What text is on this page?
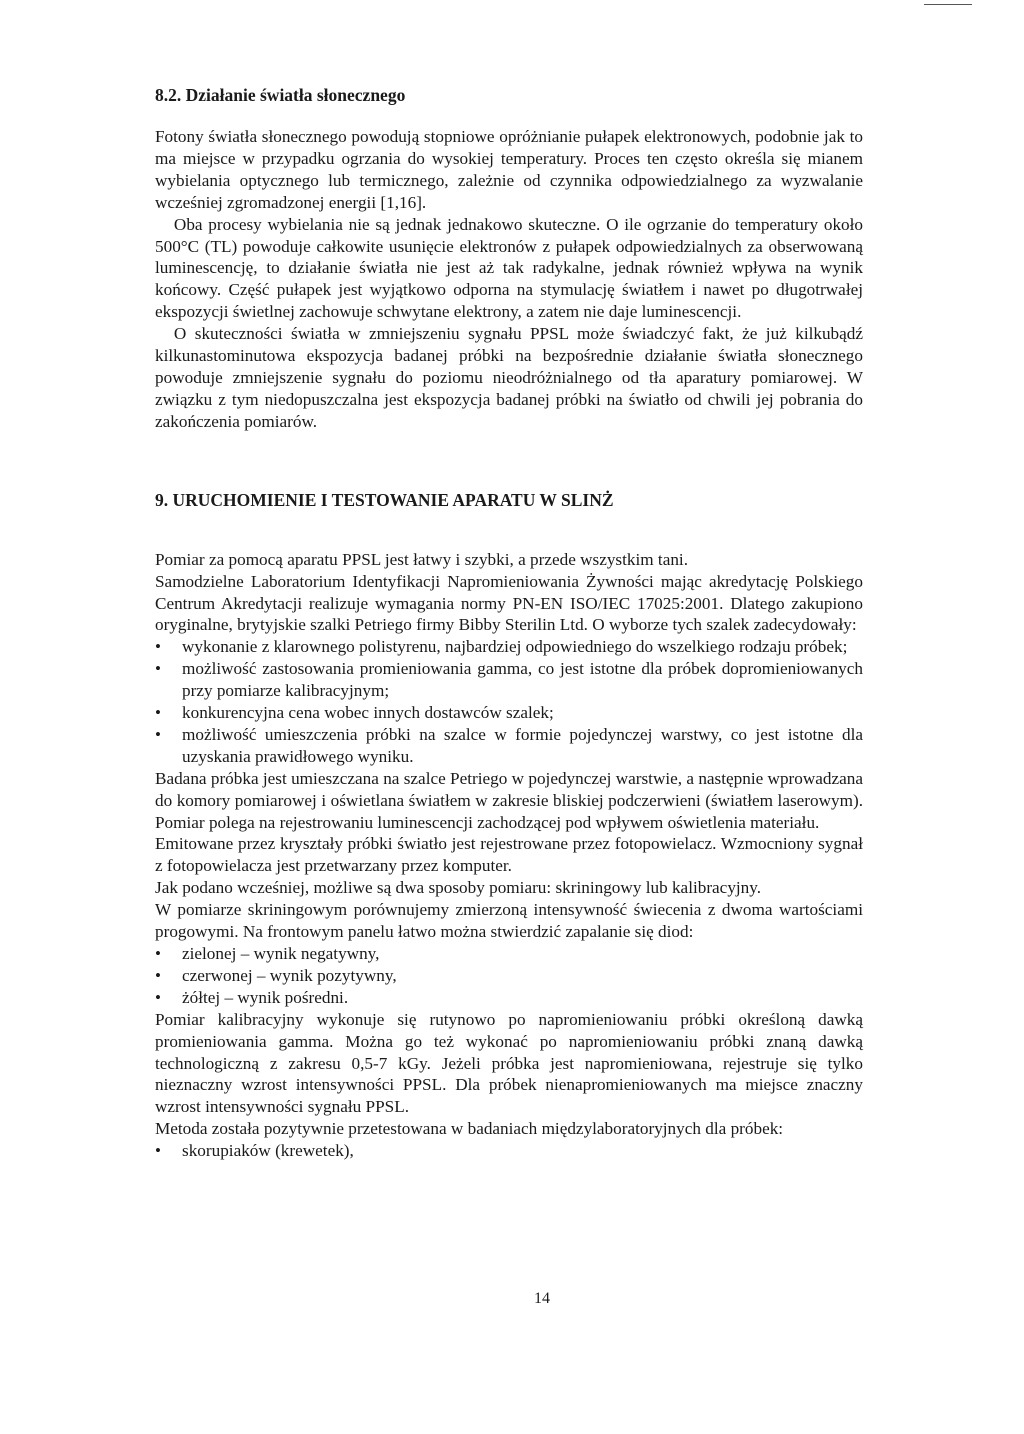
8.2. Działanie światła słonecznego

Fotony światła słonecznego powodują stopniowe opróżnianie pułapek elektronowych, podobnie jak to ma miejsce w przypadku ogrzania do wysokiej temperatury. Proces ten często określa się mianem wybielania optycznego lub termicznego, zależnie od czynnika odpowiedzialnego za wyzwalanie wcześniej zgromadzonej energii [1,16].

Oba procesy wybielania nie są jednak jednakowo skuteczne. O ile ogrzanie do temperatury około 500°C (TL) powoduje całkowite usunięcie elektronów z pułapek odpowiedzialnych za obserwowaną luminescencję, to działanie światła nie jest aż tak radykalne, jednak również wpływa na wynik końcowy. Część pułapek jest wyjątkowo odporna na stymulację światłem i nawet po długotrwałej ekspozycji świetlnej zachowuje schwytane elektrony, a zatem nie daje luminescencji.

O skuteczności światła w zmniejszeniu sygnału PPSL może świadczyć fakt, że już kilkubądź kilkunastominutowa ekspozycja badanej próbki na bezpośrednie działanie światła słonecznego powoduje zmniejszenie sygnału do poziomu nieodróżnialnego od tła aparatury pomiarowej. W związku z tym niedopuszczalna jest ekspozycja badanej próbki na światło od chwili jej pobrania do zakończenia pomiarów.

9. URUCHOMIENIE I TESTOWANIE APARATU W SLINŻ

Pomiar za pomocą aparatu PPSL jest łatwy i szybki, a przede wszystkim tani.

Samodzielne Laboratorium Identyfikacji Napromieniowania Żywności mając akredytację Polskiego Centrum Akredytacji realizuje wymagania normy PN-EN ISO/IEC 17025:2001. Dlatego zakupiono oryginalne, brytyjskie szalki Petriego firmy Bibby Sterilin Ltd. O wyborze tych szalek zadecydowały:

• wykonanie z klarownego polistyrenu, najbardziej odpowiedniego do wszelkiego rodzaju próbek;
• możliwość zastosowania promieniowania gamma, co jest istotne dla próbek dopromieniowanych przy pomiarze kalibracyjnym;
• konkurencyjna cena wobec innych dostawców szalek;
• możliwość umieszczenia próbki na szalce w formie pojedynczej warstwy, co jest istotne dla uzyskania prawidłowego wyniku.

Badana próbka jest umieszczana na szalce Petriego w pojedynczej warstwie, a następnie wprowadzana do komory pomiarowej i oświetlana światłem w zakresie bliskiej podczerwieni (światłem laserowym). Pomiar polega na rejestrowaniu luminescencji zachodzącej pod wpływem oświetlenia materiału.

Emitowane przez kryształy próbki światło jest rejestrowane przez fotopowielacz. Wzmocniony sygnał z fotopowielacza jest przetwarzany przez komputer.

Jak podano wcześniej, możliwe są dwa sposoby pomiaru: skriningowy lub kalibracyjny.

W pomiarze skriningowym porównujemy zmierzoną intensywność świecenia z dwoma wartościami progowymi. Na frontowym panelu łatwo można stwierdzić zapalanie się diod:

• zielonej – wynik negatywny,
• czerwonej – wynik pozytywny,
• żółtej – wynik pośredni.

Pomiar kalibracyjny wykonuje się rutynowo po napromieniowaniu próbki określoną dawką promieniowania gamma. Można go też wykonać po napromieniowaniu próbki znaną dawką technologiczną z zakresu 0,5-7 kGy. Jeżeli próbka jest napromieniowana, rejestruje się tylko nieznaczny wzrost intensywności PPSL. Dla próbek nienapromieniowanych ma miejsce znaczny wzrost intensywności sygnału PPSL.

Metoda została pozytywnie przetestowana w badaniach międzylaboratoryjnych dla próbek:

• skorupiaków (krewetek),
14
